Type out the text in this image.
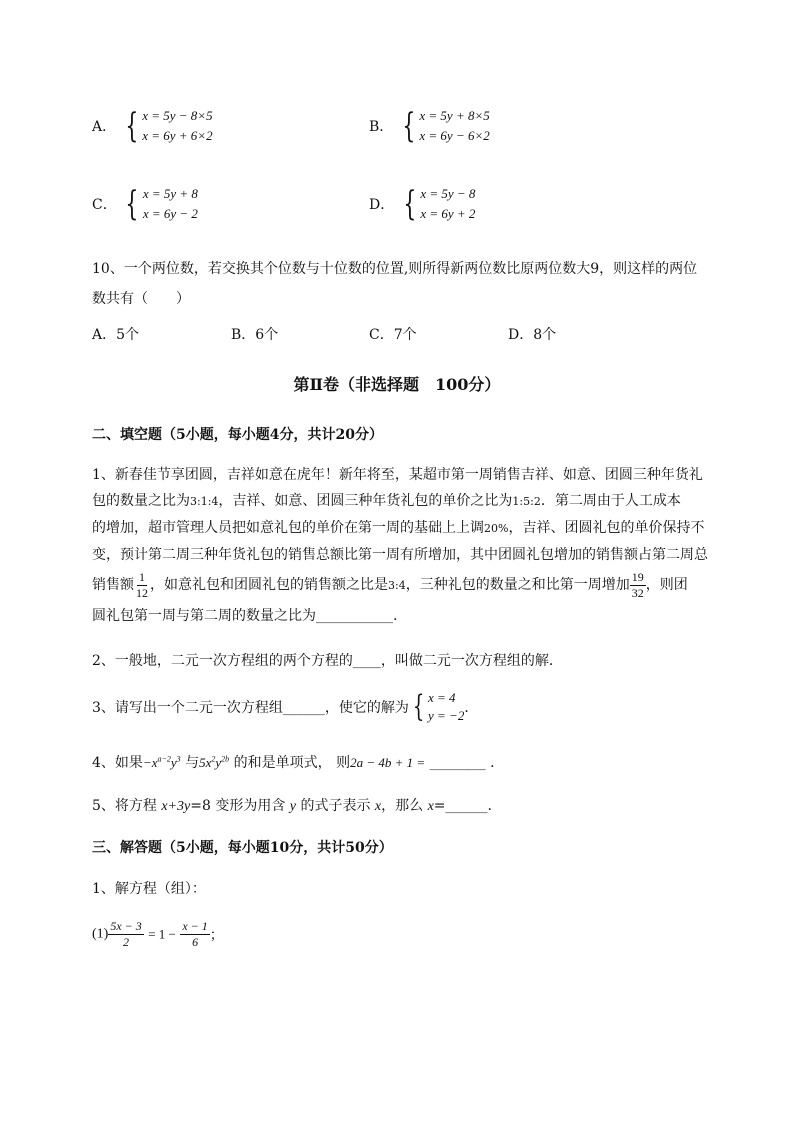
A． { x = 5y − 8×5
x = 6y + 6×2
B． { x = 5y + 8×5
x = 6y − 6×2
C． { x = 5y + 8
x = 6y − 2
D． { x = 5y − 8
x = 6y + 2
10、一个两位数，若交换其个位数与十位数的位置,则所得新两位数比原两位数大9，则这样的两位
数共有（　　）
A．5个	B．6个	C．7个	D．8个
第Ⅱ卷（非选择题　100分）
二、填空题（5小题，每小题4分，共计20分）
1、新春佳节享团圆，吉祥如意在虎年！新年将至，某超市第一周销售吉祥、如意、团圆三种年货礼
包的数量之比为3:1:4，吉祥、如意、团圆三种年货礼包的单价之比为1:5:2．第二周由于人工成本
的增加，超市管理人员把如意礼包的单价在第一周的基础上上调20%，吉祥、团圆礼包的单价保持不
变，预计第二周三种年货礼包的销售总额比第一周有所增加，其中团圆礼包增加的销售额占第二周总
销售额 $\frac{1}{12}$ ，如意礼包和团圆礼包的销售额之比是3:4，三种礼包的数量之和比第一周增加 $\frac{19}{32}$ ，则团
圆礼包第一周与第二周的数量之比为___________.
2、一般地，二元一次方程组的两个方程的____，叫做二元一次方程组的解．
3、请写出一个二元一次方程组______，使它的解为 { x = 4
y = −2 ．
4、如果$-x^{a-2}y^3$ 与$5x^2y^{2b}$ 的和是单项式， 则2a − 4b + 1 = ________ ．
5、将方程 x+3y=8 变形为用含 y 的式子表示 x，那么 x=______.
三、解答题（5小题，每小题10分，共计50分）
1、解方程（组）：
$(1) \frac{5x - 3}{2} = 1 - \frac{x - 1}{6}$ ；
